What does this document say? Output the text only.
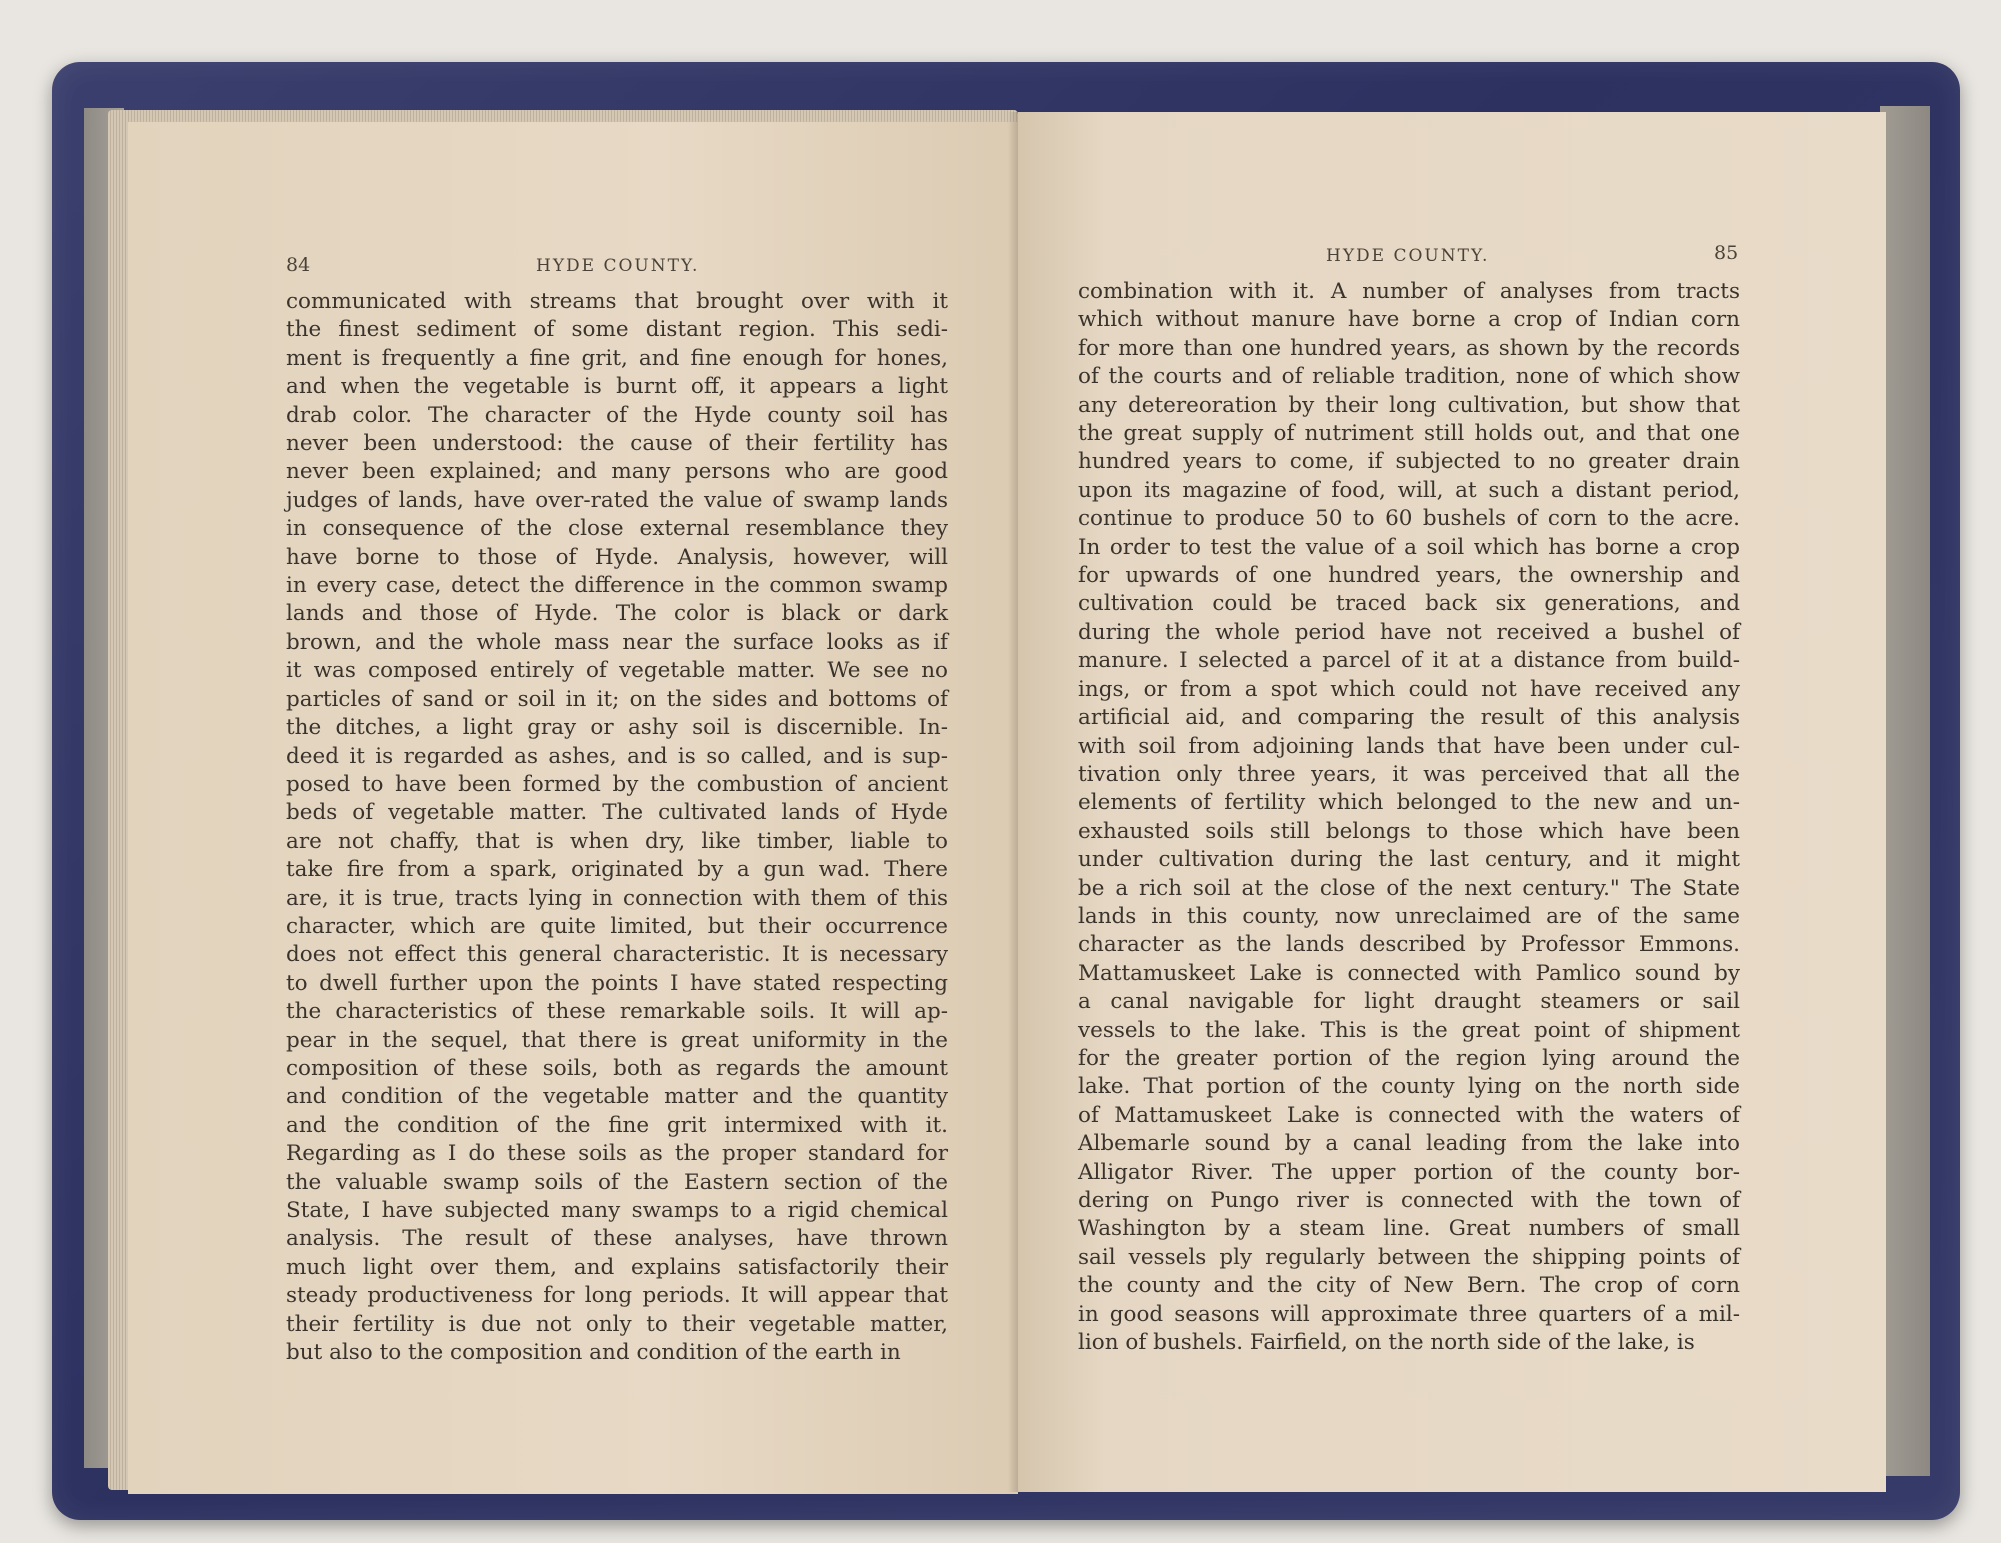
84	HYDE COUNTY.
communicated with streams that brought over with it
the finest sediment of some distant region. This sedi-
ment is frequently a fine grit, and fine enough for hones,
and when the vegetable is burnt off, it appears a light
drab color. The character of the Hyde county soil has
never been understood: the cause of their fertility has
never been explained; and many persons who are good
judges of lands, have over-rated the value of swamp lands
in consequence of the close external resemblance they
have borne to those of Hyde. Analysis, however, will
in every case, detect the difference in the common swamp
lands and those of Hyde. The color is black or dark
brown, and the whole mass near the surface looks as if
it was composed entirely of vegetable matter. We see no
particles of sand or soil in it; on the sides and bottoms of
the ditches, a light gray or ashy soil is discernible. In-
deed it is regarded as ashes, and is so called, and is sup-
posed to have been formed by the combustion of ancient
beds of vegetable matter. The cultivated lands of Hyde
are not chaffy, that is when dry, like timber, liable to
take fire from a spark, originated by a gun wad. There
are, it is true, tracts lying in connection with them of this
character, which are quite limited, but their occurrence
does not effect this general characteristic. It is necessary
to dwell further upon the points I have stated respecting
the characteristics of these remarkable soils. It will ap-
pear in the sequel, that there is great uniformity in the
composition of these soils, both as regards the amount
and condition of the vegetable matter and the quantity
and the condition of the fine grit intermixed with it.
Regarding as I do these soils as the proper standard for
the valuable swamp soils of the Eastern section of the
State, I have subjected many swamps to a rigid chemical
analysis. The result of these analyses, have thrown
much light over them, and explains satisfactorily their
steady productiveness for long periods. It will appear that
their fertility is due not only to their vegetable matter,
but also to the composition and condition of the earth in
HYDE COUNTY.	85
combination with it. A number of analyses from tracts
which without manure have borne a crop of Indian corn
for more than one hundred years, as shown by the records
of the courts and of reliable tradition, none of which show
any detereoration by their long cultivation, but show that
the great supply of nutriment still holds out, and that one
hundred years to come, if subjected to no greater drain
upon its magazine of food, will, at such a distant period,
continue to produce 50 to 60 bushels of corn to the acre.
In order to test the value of a soil which has borne a crop
for upwards of one hundred years, the ownership and
cultivation could be traced back six generations, and
during the whole period have not received a bushel of
manure. I selected a parcel of it at a distance from build-
ings, or from a spot which could not have received any
artificial aid, and comparing the result of this analysis
with soil from adjoining lands that have been under cul-
tivation only three years, it was perceived that all the
elements of fertility which belonged to the new and un-
exhausted soils still belongs to those which have been
under cultivation during the last century, and it might
be a rich soil at the close of the next century." The State
lands in this county, now unreclaimed are of the same
character as the lands described by Professor Emmons.
Mattamuskeet Lake is connected with Pamlico sound by
a canal navigable for light draught steamers or sail
vessels to the lake. This is the great point of shipment
for the greater portion of the region lying around the
lake. That portion of the county lying on the north side
of Mattamuskeet Lake is connected with the waters of
Albemarle sound by a canal leading from the lake into
Alligator River. The upper portion of the county bor-
dering on Pungo river is connected with the town of
Washington by a steam line. Great numbers of small
sail vessels ply regularly between the shipping points of
the county and the city of New Bern. The crop of corn
in good seasons will approximate three quarters of a mil-
lion of bushels. Fairfield, on the north side of the lake, is
